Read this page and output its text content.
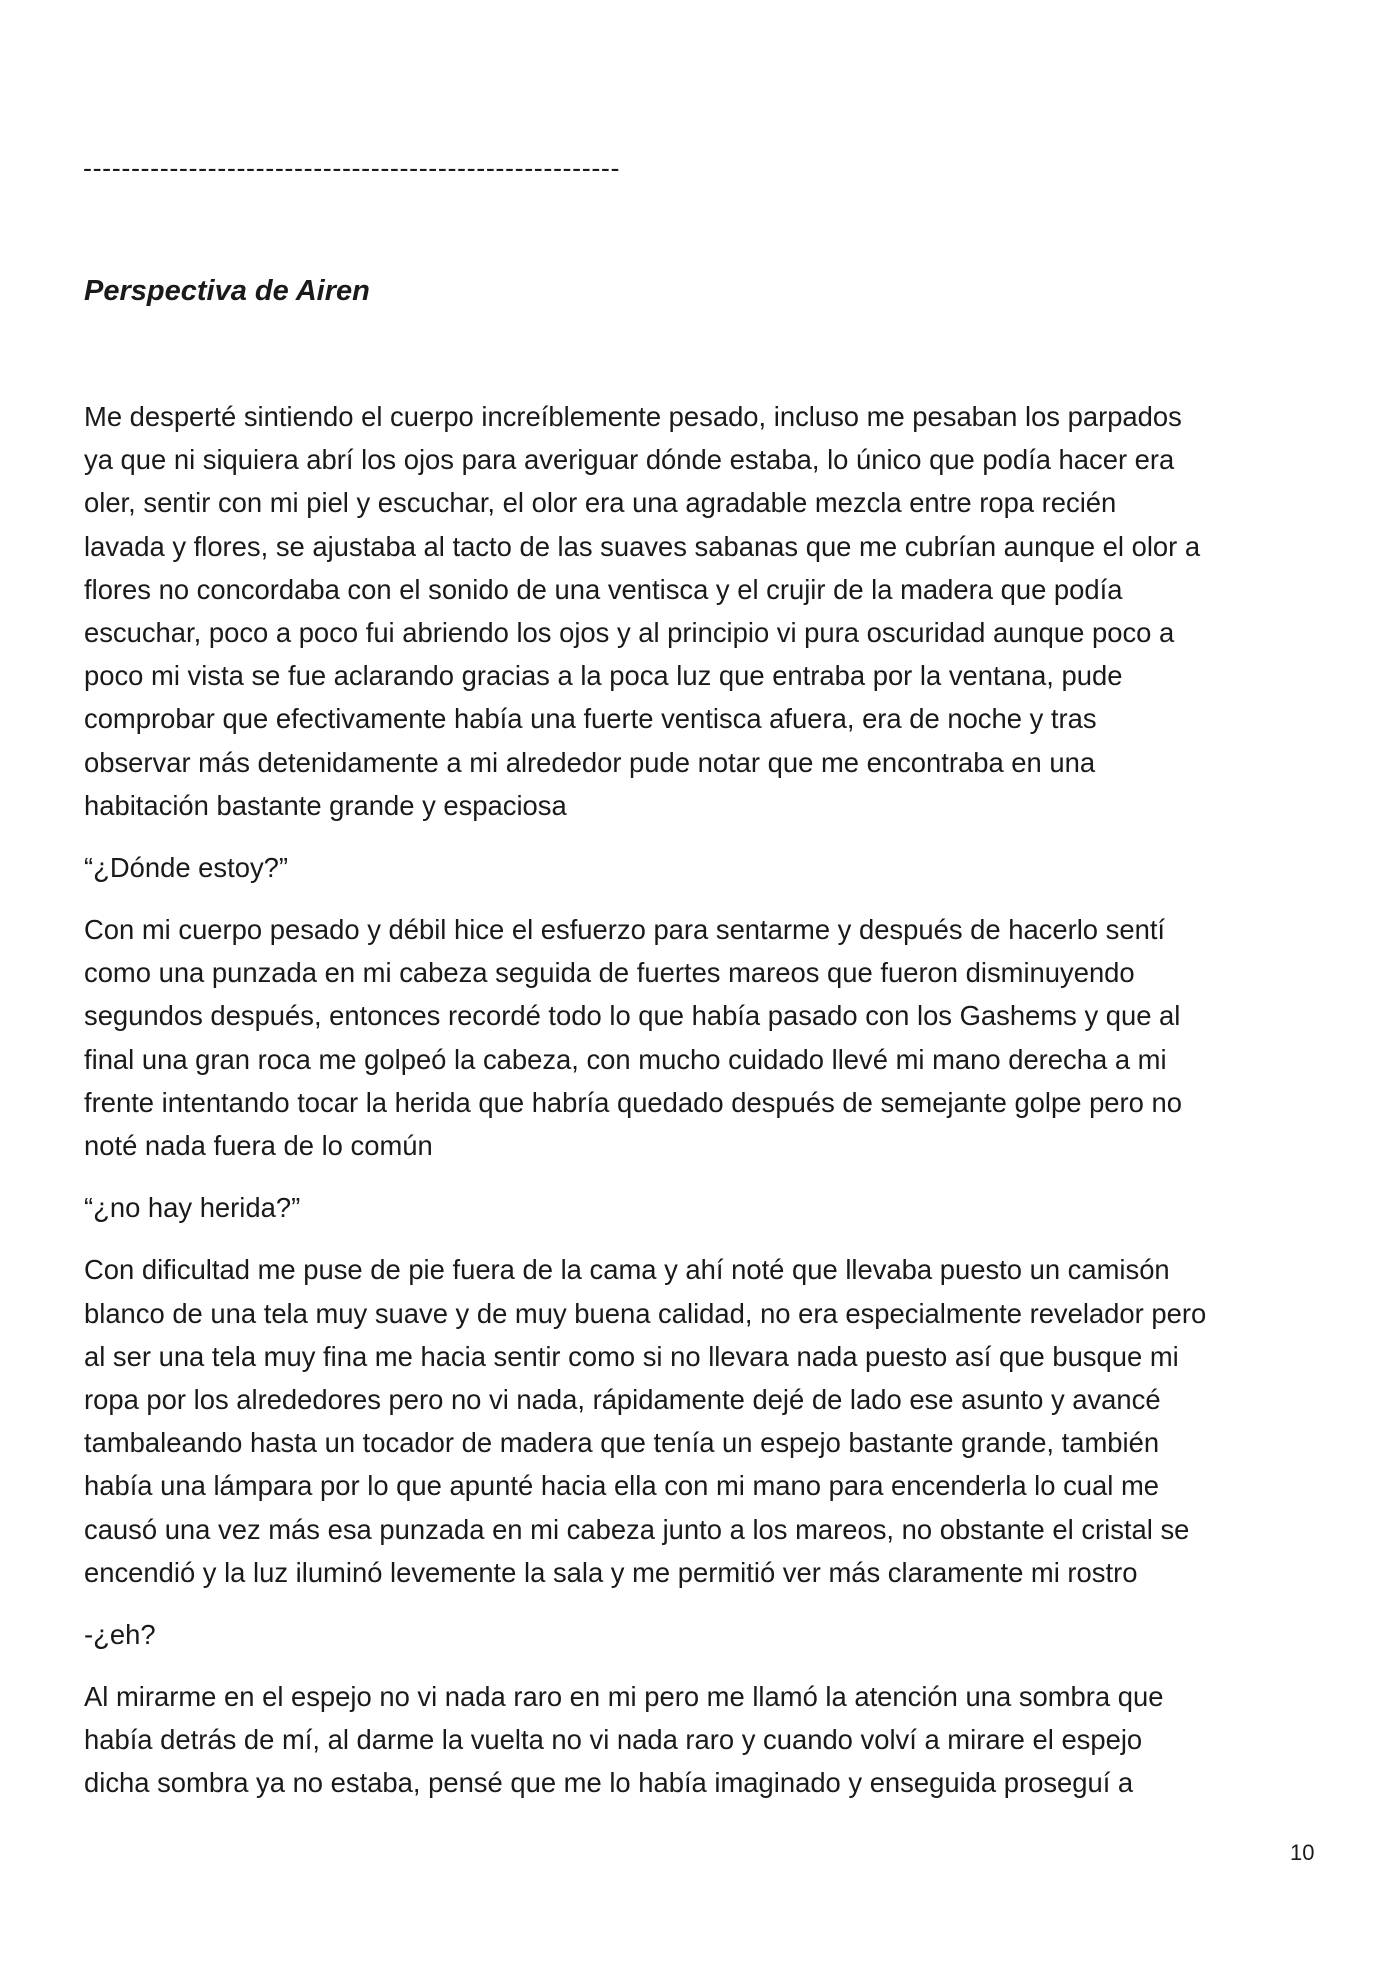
--------------------------------------------------------
Perspectiva de Airen
Me desperté sintiendo el cuerpo increíblemente pesado, incluso me pesaban los parpados
ya que ni siquiera abrí los ojos para averiguar dónde estaba, lo único que podía hacer era
oler, sentir con mi piel y escuchar, el olor era una agradable mezcla entre ropa recién
lavada y flores, se ajustaba al tacto de las suaves sabanas que me cubrían aunque el olor a
flores no concordaba con el sonido de una ventisca y el crujir de la madera que podía
escuchar, poco a poco fui abriendo los ojos y al principio vi pura oscuridad aunque poco a
poco mi vista se fue aclarando gracias a la poca luz que entraba por la ventana, pude
comprobar que efectivamente había una fuerte ventisca afuera, era de noche y tras
observar más detenidamente a mi alrededor pude notar que me encontraba en una
habitación bastante grande y espaciosa
“¿Dónde estoy?”
Con mi cuerpo pesado y débil hice el esfuerzo para sentarme y después de hacerlo sentí
como una punzada en mi cabeza seguida de fuertes mareos que fueron disminuyendo
segundos después, entonces recordé todo lo que había pasado con los Gashems y que al
final una gran roca me golpeó la cabeza, con mucho cuidado llevé mi mano derecha a mi
frente intentando tocar la herida que habría quedado después de semejante golpe pero no
noté nada fuera de lo común
“¿no hay herida?”
Con dificultad me puse de pie fuera de la cama y ahí noté que llevaba puesto un camisón
blanco de una tela muy suave y de muy buena calidad, no era especialmente revelador pero
al ser una tela muy fina me hacia sentir como si no llevara nada puesto así que busque mi
ropa por los alrededores pero no vi nada, rápidamente dejé de lado ese asunto y avancé
tambaleando hasta un tocador de madera que tenía un espejo bastante grande, también
había una lámpara por lo que apunté hacia ella con mi mano para encenderla lo cual me
causó una vez más esa punzada en mi cabeza junto a los mareos, no obstante el cristal se
encendió y la luz iluminó levemente la sala y me permitió ver más claramente mi rostro
-¿eh?
Al mirarme en el espejo no vi nada raro en mi pero me llamó la atención una sombra que
había detrás de mí, al darme la vuelta no vi nada raro y cuando volví a mirare el espejo
dicha sombra ya no estaba, pensé que me lo había imaginado y enseguida proseguí a
10
